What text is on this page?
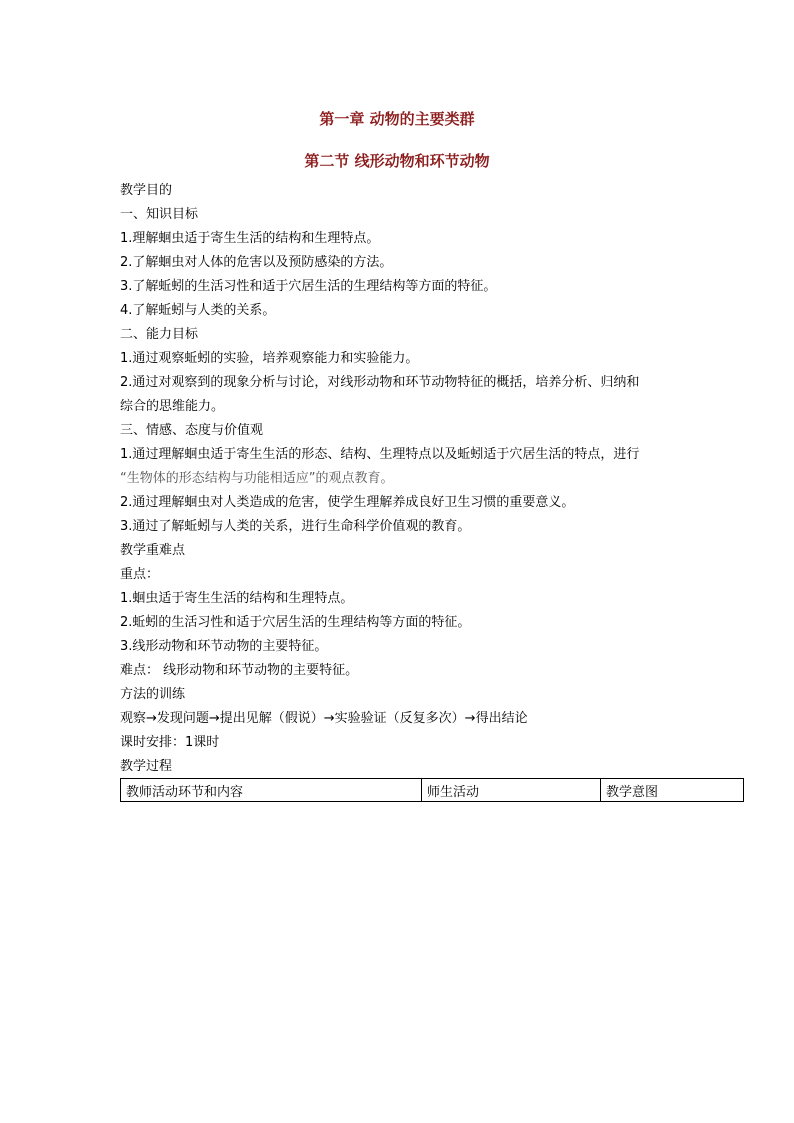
第一章 动物的主要类群
第二节 线形动物和环节动物
教学目的
一、知识目标
1.理解蛔虫适于寄生生活的结构和生理特点。
2.了解蛔虫对人体的危害以及预防感染的方法。
3.了解蚯蚓的生活习性和适于穴居生活的生理结构等方面的特征。
4.了解蚯蚓与人类的关系。
二、能力目标
1.通过观察蚯蚓的实验，培养观察能力和实验能力。
2.通过对观察到的现象分析与讨论，对线形动物和环节动物特征的概括，培养分析、归纳和
综合的思维能力。
三、情感、态度与价值观
1.通过理解蛔虫适于寄生生活的形态、结构、生理特点以及蚯蚓适于穴居生活的特点，进行
“生物体的形态结构与功能相适应”的观点教育。
2.通过理解蛔虫对人类造成的危害，使学生理解养成良好卫生习惯的重要意义。
3.通过了解蚯蚓与人类的关系，进行生命科学价值观的教育。
教学重难点
重点：
1.蛔虫适于寄生生活的结构和生理特点。
2.蚯蚓的生活习性和适于穴居生活的生理结构等方面的特征。
3.线形动物和环节动物的主要特征。
难点： 线形动物和环节动物的主要特征。
方法的训练
观察→发现问题→提出见解（假说）→实验验证（反复多次）→得出结论
课时安排：1课时
教学过程
教师活动环节和内容	师生活动	教学意图
